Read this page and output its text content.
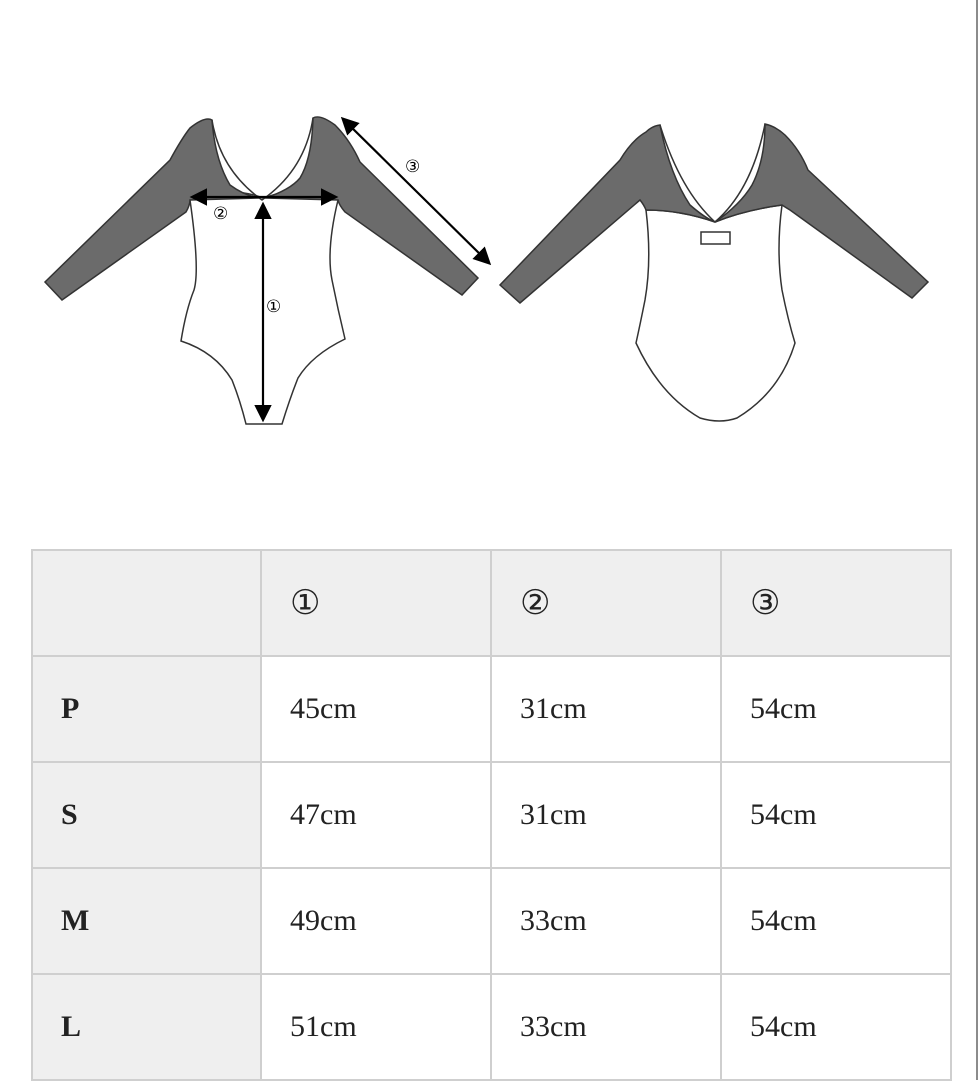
①
②
③
	①	②	③
P	45cm	31cm	54cm
S	47cm	31cm	54cm
M	49cm	33cm	54cm
L	51cm	33cm	54cm
